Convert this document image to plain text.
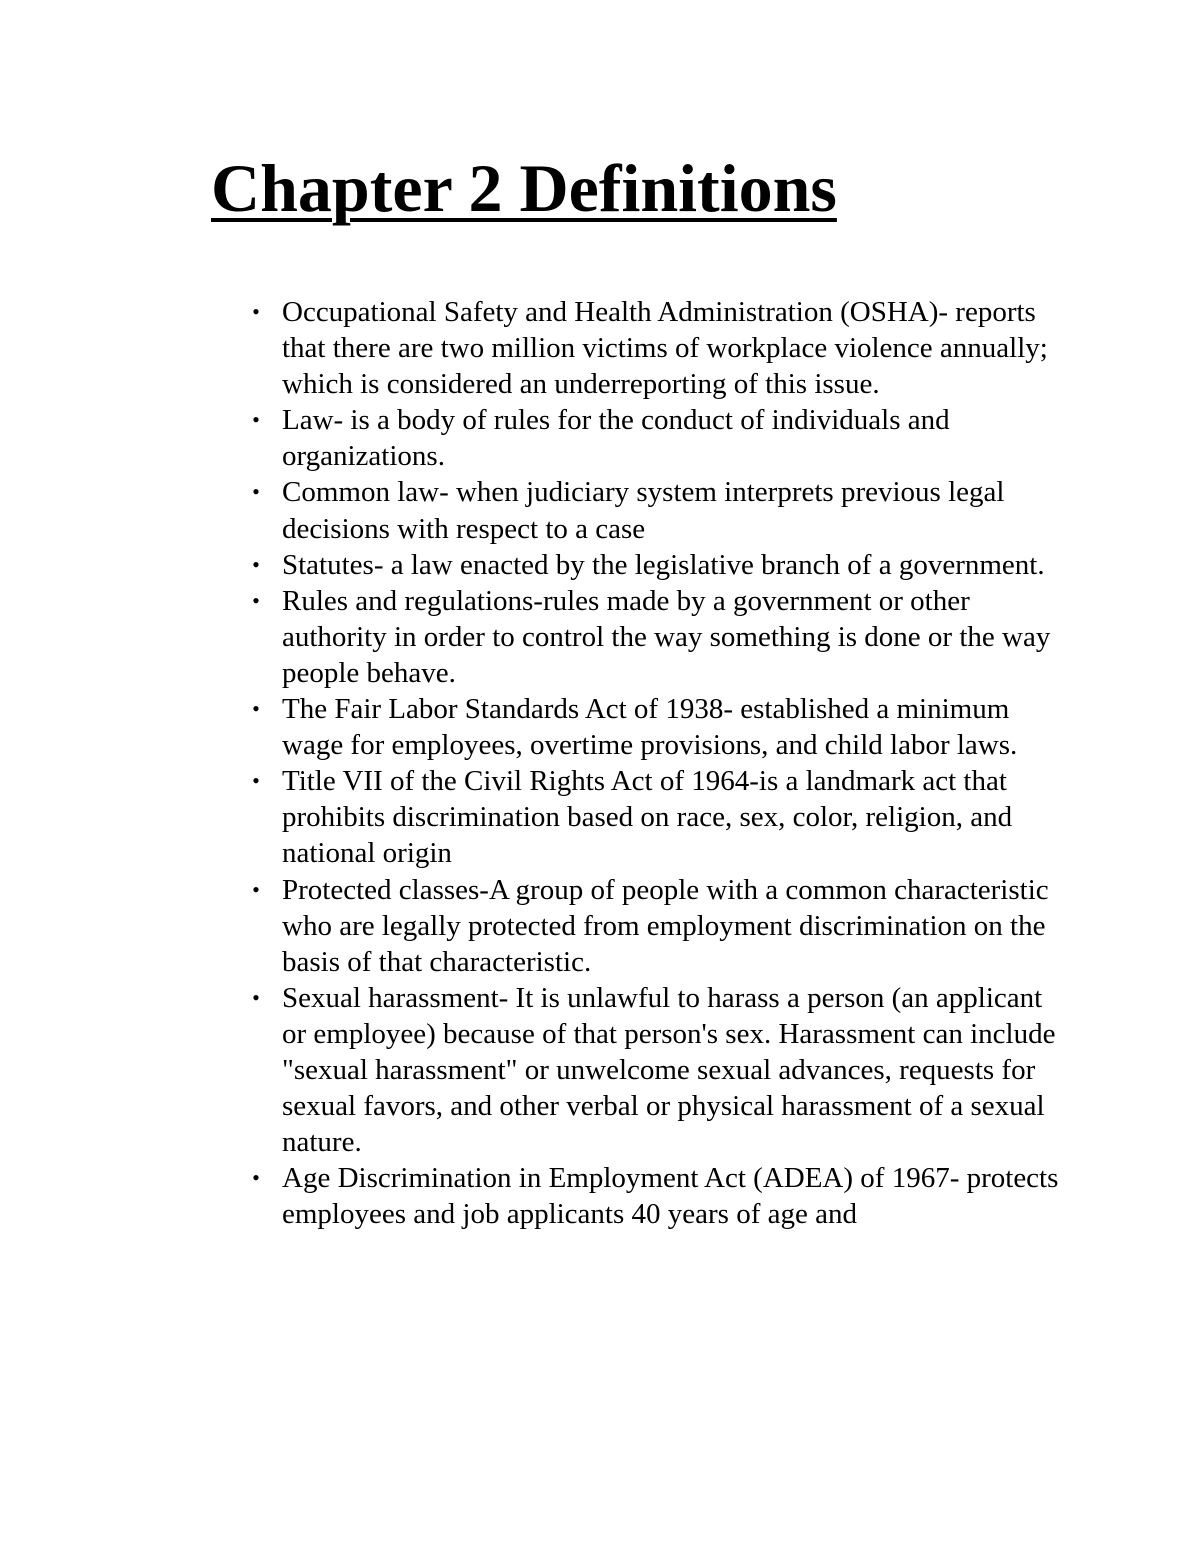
Chapter 2 Definitions
• Occupational Safety and Health Administration (OSHA)- reports that there are two million victims of workplace violence annually; which is considered an underreporting of this issue.
• Law- is a body of rules for the conduct of individuals and organizations.
• Common law- when judiciary system interprets previous legal decisions with respect to a case
• Statutes- a law enacted by the legislative branch of a government.
• Rules and regulations-rules made by a government or other authority in order to control the way something is done or the way people behave.
• The Fair Labor Standards Act of 1938- established a minimum wage for employees, overtime provisions, and child labor laws.
• Title VII of the Civil Rights Act of 1964-is a landmark act that prohibits discrimination based on race, sex, color, religion, and national origin
• Protected classes-A group of people with a common characteristic who are legally protected from employment discrimination on the basis of that characteristic.
• Sexual harassment- It is unlawful to harass a person (an applicant or employee) because of that person's sex. Harassment can include "sexual harassment" or unwelcome sexual advances, requests for sexual favors, and other verbal or physical harassment of a sexual nature.
• Age Discrimination in Employment Act (ADEA) of 1967- protects employees and job applicants 40 years of age and
